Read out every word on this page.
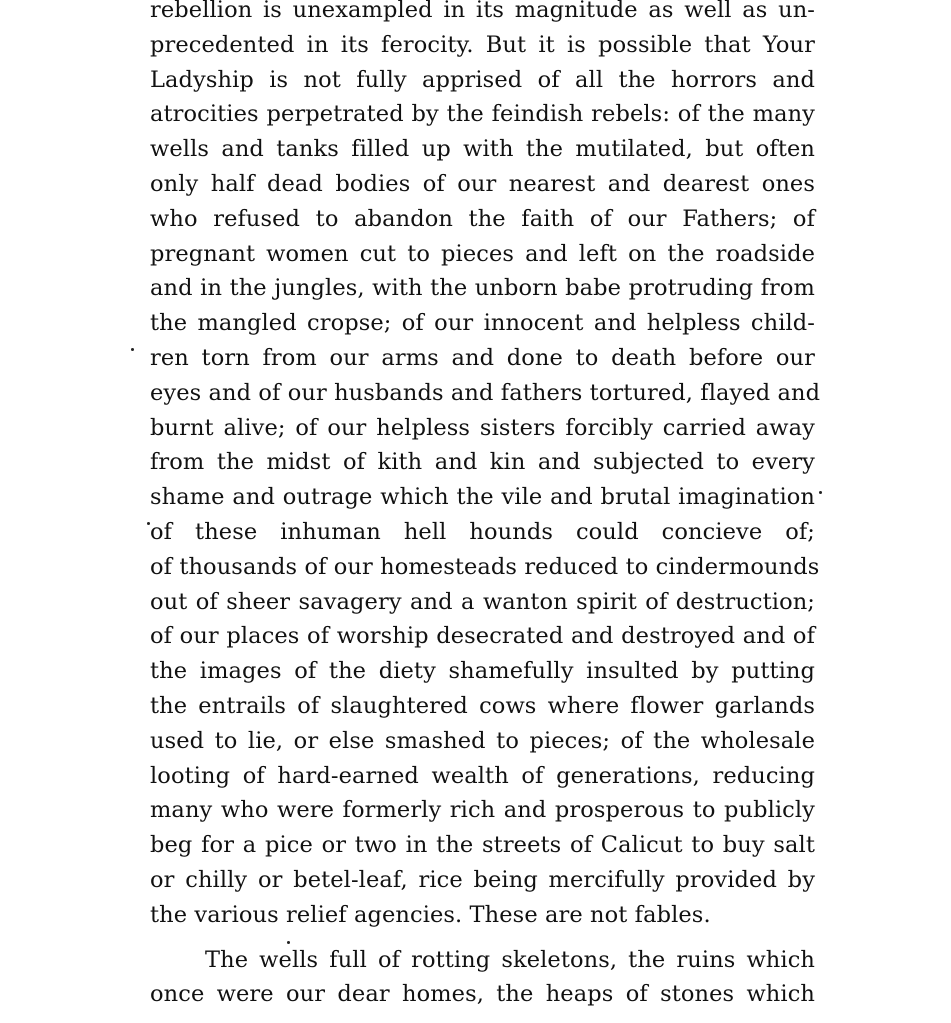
rebellion is unexampled in its magnitude as well as un-
precedented in its ferocity. But it is possible that Your
Ladyship is not fully apprised of all the horrors and
atrocities perpetrated by the feindish rebels: of the many
wells and tanks filled up with the mutilated, but often
only half dead bodies of our nearest and dearest ones
who refused to abandon the faith of our Fathers; of
pregnant women cut to pieces and left on the roadside
and in the jungles, with the unborn babe protruding from
the mangled cropse; of our innocent and helpless child-
ren torn from our arms and done to death before our
eyes and of our husbands and fathers tortured, flayed and
burnt alive; of our helpless sisters forcibly carried away
from the midst of kith and kin and subjected to every
shame and outrage which the vile and brutal imagination
of these inhuman hell hounds could concieve of;
of thousands of our homesteads reduced to cindermounds
out of sheer savagery and a wanton spirit of destruction;
of our places of worship desecrated and destroyed and of
the images of the diety shamefully insulted by putting
the entrails of slaughtered cows where flower garlands
used to lie, or else smashed to pieces; of the wholesale
looting of hard-earned wealth of generations, reducing
many who were formerly rich and prosperous to publicly
beg for a pice or two in the streets of Calicut to buy salt
or chilly or betel-leaf, rice being mercifully provided by
the various relief agencies. These are not fables.
The wells full of rotting skeletons, the ruins which
once were our dear homes, the heaps of stones which
